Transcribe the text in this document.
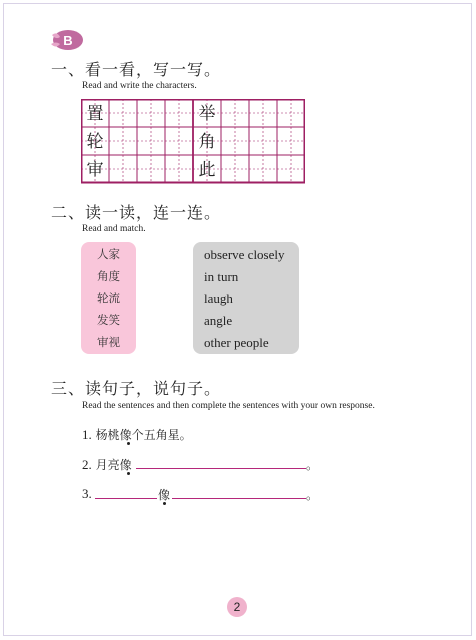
B
一、看一看，写一写。
Read and write the characters.
置	举
轮	角
审	此
二、读一读，连一连。
Read and match.
人家
角度
轮流
发笑
审视
observe closely
in turn
laugh
angle
other people
三、读句子，说句子。
Read the sentences and then complete the sentences with your own response.
1. 杨桃像个五角星。
2. 月亮像	。
3.	像	。
2
